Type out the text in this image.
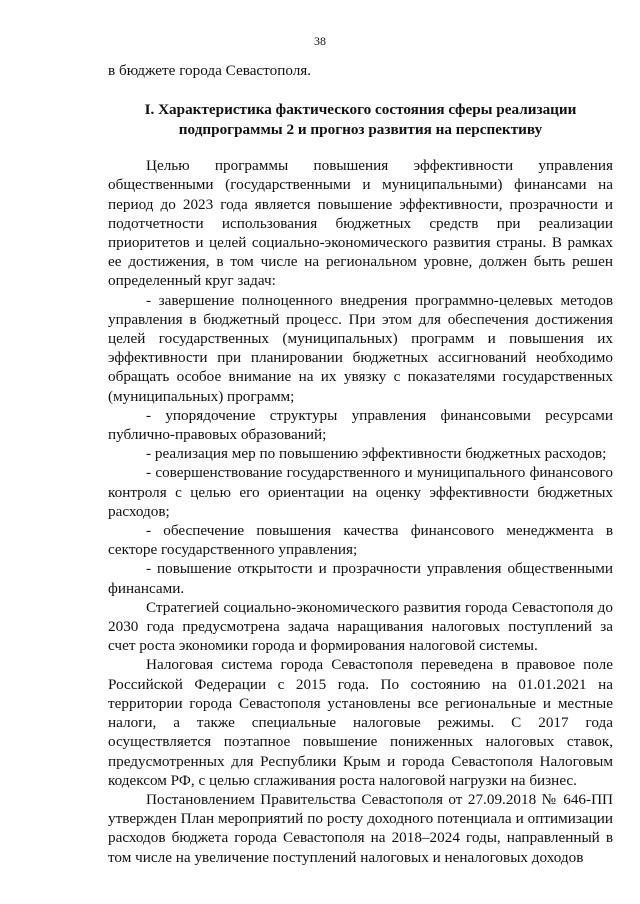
38

в бюджете города Севастополя.

I. Характеристика фактического состояния сферы реализации
подпрограммы 2 и прогноз развития на перспективу

Целью программы повышения эффективности управления общественными (государственными и муниципальными) финансами на период до 2023 года является повышение эффективности, прозрачности и подотчетности использования бюджетных средств при реализации приоритетов и целей социально-экономического развития страны. В рамках ее достижения, в том числе на региональном уровне, должен быть решен определенный круг задач:

- завершение полноценного внедрения программно-целевых методов управления в бюджетный процесс. При этом для обеспечения достижения целей государственных (муниципальных) программ и повышения их эффективности при планировании бюджетных ассигнований необходимо обращать особое внимание на их увязку с показателями государственных (муниципальных) программ;

- упорядочение структуры управления финансовыми ресурсами публично-правовых образований;

- реализация мер по повышению эффективности бюджетных расходов;

- совершенствование государственного и муниципального финансового контроля с целью его ориентации на оценку эффективности бюджетных расходов;

- обеспечение повышения качества финансового менеджмента в секторе государственного управления;

- повышение открытости и прозрачности управления общественными финансами.

Стратегией социально-экономического развития города Севастополя до 2030 года предусмотрена задача наращивания налоговых поступлений за счет роста экономики города и формирования налоговой системы.

Налоговая система города Севастополя переведена в правовое поле Российской Федерации с 2015 года. По состоянию на 01.01.2021 на территории города Севастополя установлены все региональные и местные налоги, а также специальные налоговые режимы. С 2017 года осуществляется поэтапное повышение пониженных налоговых ставок, предусмотренных для Республики Крым и города Севастополя Налоговым кодексом РФ, с целью сглаживания роста налоговой нагрузки на бизнес.

Постановлением Правительства Севастополя от 27.09.2018 № 646-ПП утвержден План мероприятий по росту доходного потенциала и оптимизации расходов бюджета города Севастополя на 2018–2024 годы, направленный в том числе на увеличение поступлений налоговых и неналоговых доходов
